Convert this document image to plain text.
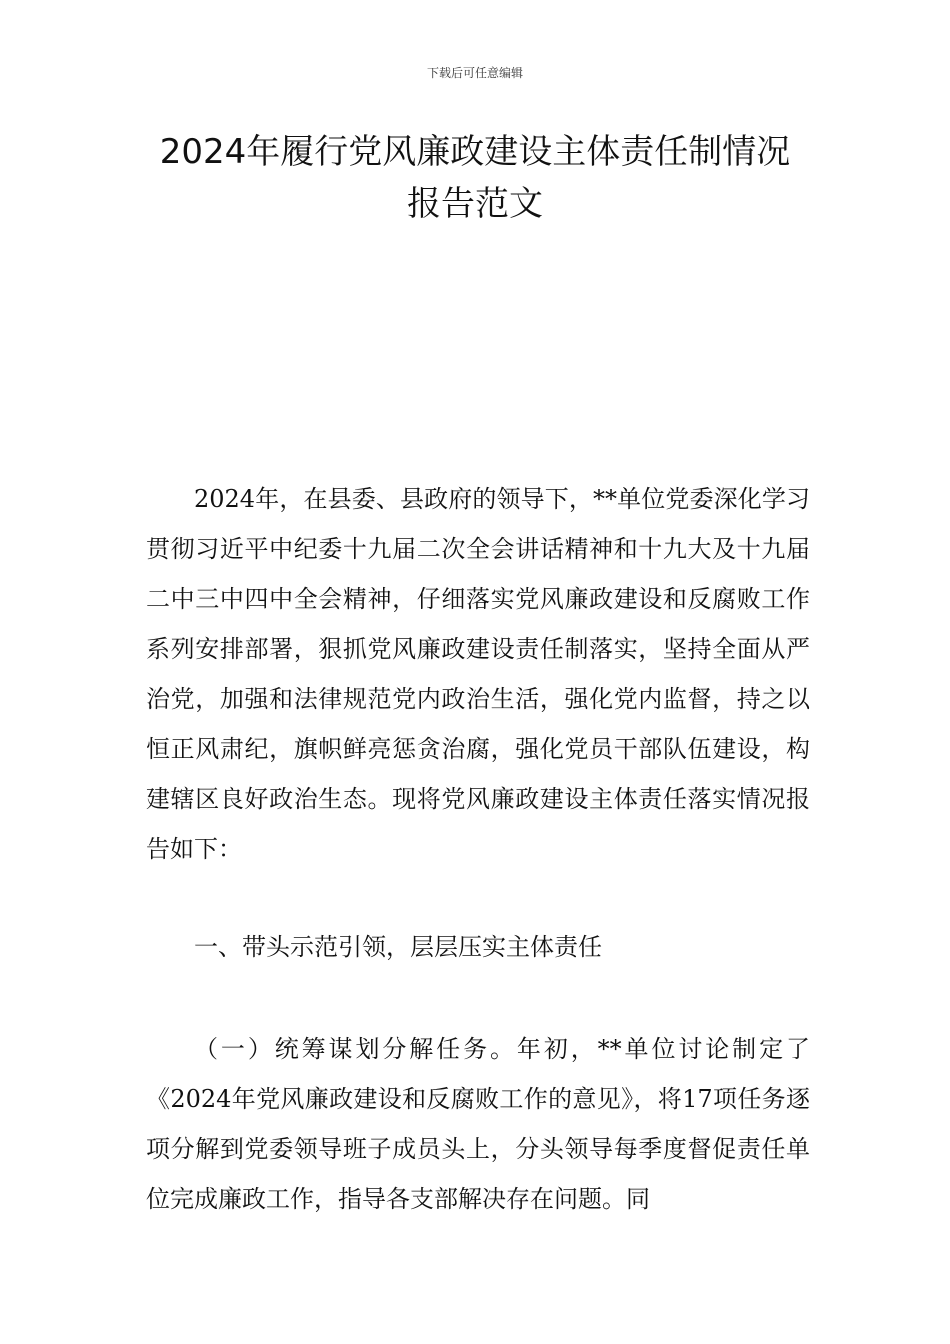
下载后可任意编辑
2024年履行党风廉政建设主体责任制情况
报告范文

2024年，在县委、县政府的领导下，**单位党委深化学习贯彻习近平中纪委十九届二次全会讲话精神和十九大及十九届二中三中四中全会精神，仔细落实党风廉政建设和反腐败工作系列安排部署，狠抓党风廉政建设责任制落实，坚持全面从严治党，加强和法律规范党内政治生活，强化党内监督，持之以恒正风肃纪，旗帜鲜亮惩贪治腐，强化党员干部队伍建设，构建辖区良好政治生态。现将党风廉政建设主体责任落实情况报告如下：

一、带头示范引领，层层压实主体责任

（一）统筹谋划分解任务。年初，**单位讨论制定了《2024年党风廉政建设和反腐败工作的意见》，将17项任务逐项分解到党委领导班子成员头上，分头领导每季度督促责任单位完成廉政工作，指导各支部解决存在问题。同
